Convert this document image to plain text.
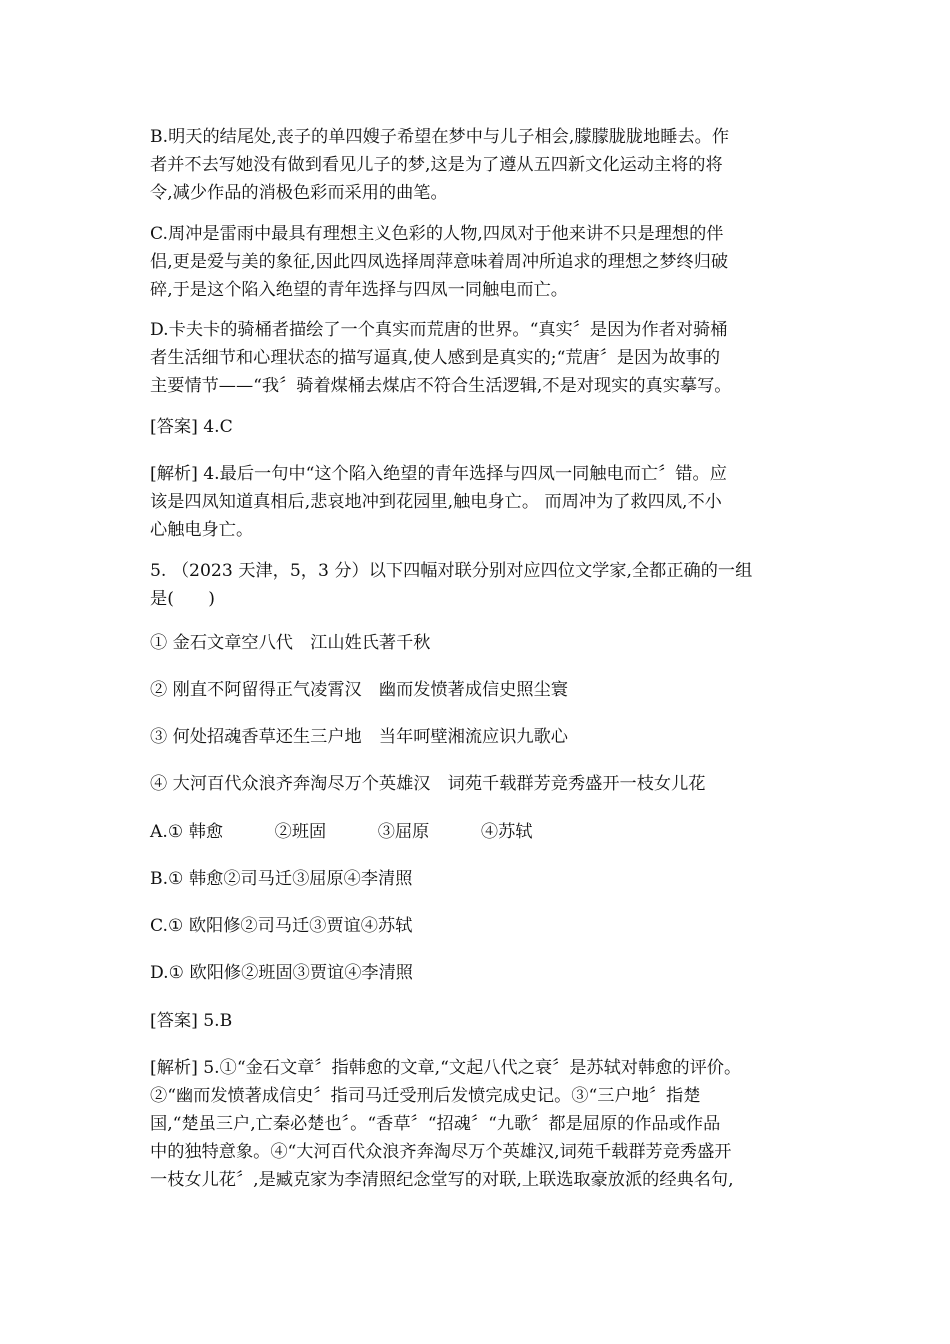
B.明天的结尾处,丧子的单四嫂子希望在梦中与儿子相会,朦朦胧胧地睡去。作
者并不去写她没有做到看见儿子的梦,这是为了遵从五四新文化运动主将的将
令,减少作品的消极色彩而采用的曲笔。

C.周冲是雷雨中最具有理想主义色彩的人物,四凤对于他来讲不只是理想的伴
侣,更是爱与美的象征,因此四凤选择周萍意味着周冲所追求的理想之梦终归破
碎,于是这个陷入绝望的青年选择与四凤一同触电而亡。

D.卡夫卡的骑桶者描绘了一个真实而荒唐的世界。“真实〞是因为作者对骑桶
者生活细节和心理状态的描写逼真,使人感到是真实的;“荒唐〞是因为故事的
主要情节——“我〞骑着煤桶去煤店不符合生活逻辑,不是对现实的真实摹写。

[答案] 4.C

[解析] 4.最后一句中“这个陷入绝望的青年选择与四凤一同触电而亡〞错。应
该是四凤知道真相后,悲哀地冲到花园里,触电身亡。 而周冲为了救四凤,不小
心触电身亡。

5. （2023 天津，5，3 分）以下四幅对联分别对应四位文学家,全都正确的一组
是(　　)

① 金石文章空八代　江山姓氏著千秋

② 刚直不阿留得正气凌霄汉　幽而发愤著成信史照尘寰

③ 何处招魂香草还生三户地　当年呵壁湘流应识九歌心

④ 大河百代众浪齐奔淘尽万个英雄汉　词苑千载群芳竞秀盛开一枝女儿花

A.① 韩愈　　　②班固　　　③屈原　　　④苏轼

B.① 韩愈②司马迁③屈原④李清照

C.① 欧阳修②司马迁③贾谊④苏轼

D.① 欧阳修②班固③贾谊④李清照

[答案] 5.B

[解析] 5.①“金石文章〞指韩愈的文章,“文起八代之衰〞是苏轼对韩愈的评价。
②“幽而发愤著成信史〞指司马迁受刑后发愤完成史记。③“三户地〞指楚
国,“楚虽三户,亡秦必楚也〞。“香草〞“招魂〞“九歌〞都是屈原的作品或作品
中的独特意象。④“大河百代众浪齐奔淘尽万个英雄汉,词苑千载群芳竞秀盛开
一枝女儿花〞,是臧克家为李清照纪念堂写的对联,上联选取豪放派的经典名句,
